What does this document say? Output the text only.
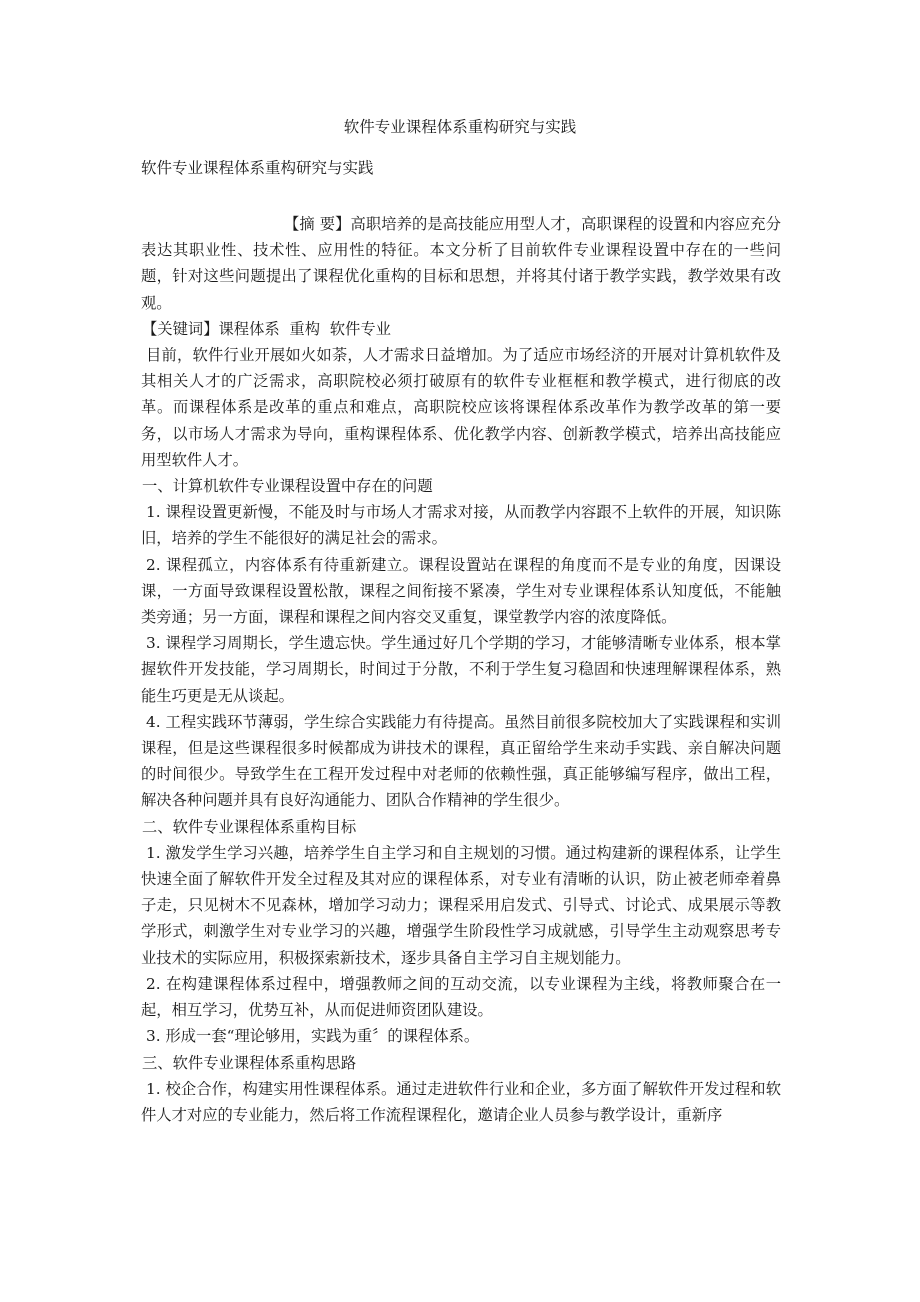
软件专业课程体系重构研究与实践
软件专业课程体系重构研究与实践

【摘 要】高职培养的是高技能应用型人才，高职课程的设置和内容应充分表达其职业性、技术性、应用性的特征。本文分析了目前软件专业课程设置中存在的一些问题，针对这些问题提出了课程优化重构的目标和思想，并将其付诸于教学实践，教学效果有改观。

【关键词】课程体系  重构  软件专业

目前，软件行业开展如火如荼，人才需求日益增加。为了适应市场经济的开展对计算机软件及其相关人才的广泛需求，高职院校必须打破原有的软件专业框框和教学模式，进行彻底的改革。而课程体系是改革的重点和难点，高职院校应该将课程体系改革作为教学改革的第一要务，以市场人才需求为导向，重构课程体系、优化教学内容、创新教学模式，培养出高技能应用型软件人才。

一、计算机软件专业课程设置中存在的问题

1. 课程设置更新慢，不能及时与市场人才需求对接，从而教学内容跟不上软件的开展，知识陈旧，培养的学生不能很好的满足社会的需求。

2. 课程孤立，内容体系有待重新建立。课程设置站在课程的角度而不是专业的角度，因课设课，一方面导致课程设置松散，课程之间衔接不紧凑，学生对专业课程体系认知度低，不能触类旁通；另一方面，课程和课程之间内容交叉重复，课堂教学内容的浓度降低。

3. 课程学习周期长，学生遗忘快。学生通过好几个学期的学习，才能够清晰专业体系，根本掌握软件开发技能，学习周期长，时间过于分散，不利于学生复习稳固和快速理解课程体系，熟能生巧更是无从谈起。

4. 工程实践环节薄弱，学生综合实践能力有待提高。虽然目前很多院校加大了实践课程和实训课程，但是这些课程很多时候都成为讲技术的课程，真正留给学生来动手实践、亲自解决问题的时间很少。导致学生在工程开发过程中对老师的依赖性强，真正能够编写程序，做出工程，解决各种问题并具有良好沟通能力、团队合作精神的学生很少。

二、软件专业课程体系重构目标

1. 激发学生学习兴趣，培养学生自主学习和自主规划的习惯。通过构建新的课程体系，让学生快速全面了解软件开发全过程及其对应的课程体系，对专业有清晰的认识，防止被老师牵着鼻子走，只见树木不见森林，增加学习动力；课程采用启发式、引导式、讨论式、成果展示等教学形式，刺激学生对专业学习的兴趣，增强学生阶段性学习成就感，引导学生主动观察思考专业技术的实际应用，积极探索新技术，逐步具备自主学习自主规划能力。

2. 在构建课程体系过程中，增强教师之间的互动交流，以专业课程为主线，将教师聚合在一起，相互学习，优势互补，从而促进师资团队建设。

3. 形成一套“理论够用，实践为重〞的课程体系。

三、软件专业课程体系重构思路

1. 校企合作，构建实用性课程体系。通过走进软件行业和企业，多方面了解软件开发过程和软件人才对应的专业能力，然后将工作流程课程化，邀请企业人员参与教学设计，重新序
